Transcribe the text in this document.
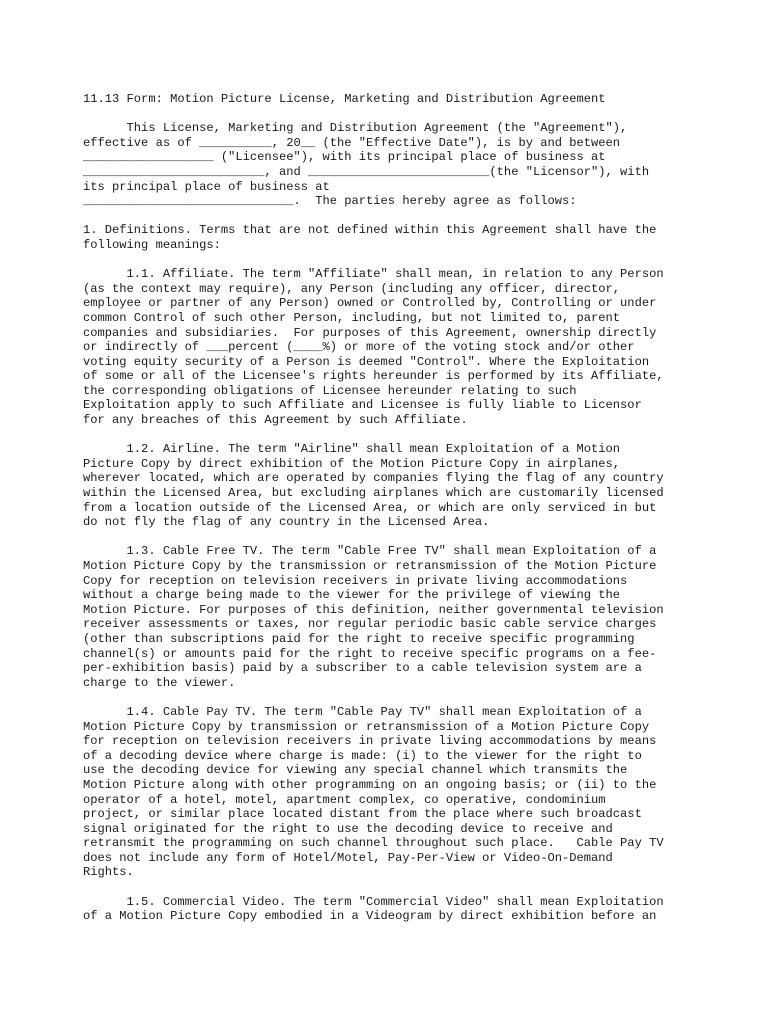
11.13 Form: Motion Picture License, Marketing and Distribution Agreement
This License, Marketing and Distribution Agreement (the "Agreement"),
effective as of __________, 20__ (the "Effective Date"), is by and between
__________________ ("Licensee"), with its principal place of business at
_________________________, and _________________________(the "Licensor"), with
its principal place of business at
_____________________________.  The parties hereby agree as follows:
1. Definitions. Terms that are not defined within this Agreement shall have the
following meanings:
1.1. Affiliate. The term "Affiliate" shall mean, in relation to any Person
(as the context may require), any Person (including any officer, director,
employee or partner of any Person) owned or Controlled by, Controlling or under
common Control of such other Person, including, but not limited to, parent
companies and subsidiaries.  For purposes of this Agreement, ownership directly
or indirectly of ___percent (____%) or more of the voting stock and/or other
voting equity security of a Person is deemed "Control". Where the Exploitation
of some or all of the Licensee's rights hereunder is performed by its Affiliate,
the corresponding obligations of Licensee hereunder relating to such
Exploitation apply to such Affiliate and Licensee is fully liable to Licensor
for any breaches of this Agreement by such Affiliate.
1.2. Airline. The term "Airline" shall mean Exploitation of a Motion
Picture Copy by direct exhibition of the Motion Picture Copy in airplanes,
wherever located, which are operated by companies flying the flag of any country
within the Licensed Area, but excluding airplanes which are customarily licensed
from a location outside of the Licensed Area, or which are only serviced in but
do not fly the flag of any country in the Licensed Area.
1.3. Cable Free TV. The term "Cable Free TV" shall mean Exploitation of a
Motion Picture Copy by the transmission or retransmission of the Motion Picture
Copy for reception on television receivers in private living accommodations
without a charge being made to the viewer for the privilege of viewing the
Motion Picture. For purposes of this definition, neither governmental television
receiver assessments or taxes, nor regular periodic basic cable service charges
(other than subscriptions paid for the right to receive specific programming
channel(s) or amounts paid for the right to receive specific programs on a fee-
per-exhibition basis) paid by a subscriber to a cable television system are a
charge to the viewer.
1.4. Cable Pay TV. The term "Cable Pay TV" shall mean Exploitation of a
Motion Picture Copy by transmission or retransmission of a Motion Picture Copy
for reception on television receivers in private living accommodations by means
of a decoding device where charge is made: (i) to the viewer for the right to
use the decoding device for viewing any special channel which transmits the
Motion Picture along with other programming on an ongoing basis; or (ii) to the
operator of a hotel, motel, apartment complex, co operative, condominium
project, or similar place located distant from the place where such broadcast
signal originated for the right to use the decoding device to receive and
retransmit the programming on such channel throughout such place.   Cable Pay TV
does not include any form of Hotel/Motel, Pay-Per-View or Video-On-Demand
Rights.
1.5. Commercial Video. The term "Commercial Video" shall mean Exploitation
of a Motion Picture Copy embodied in a Videogram by direct exhibition before an
